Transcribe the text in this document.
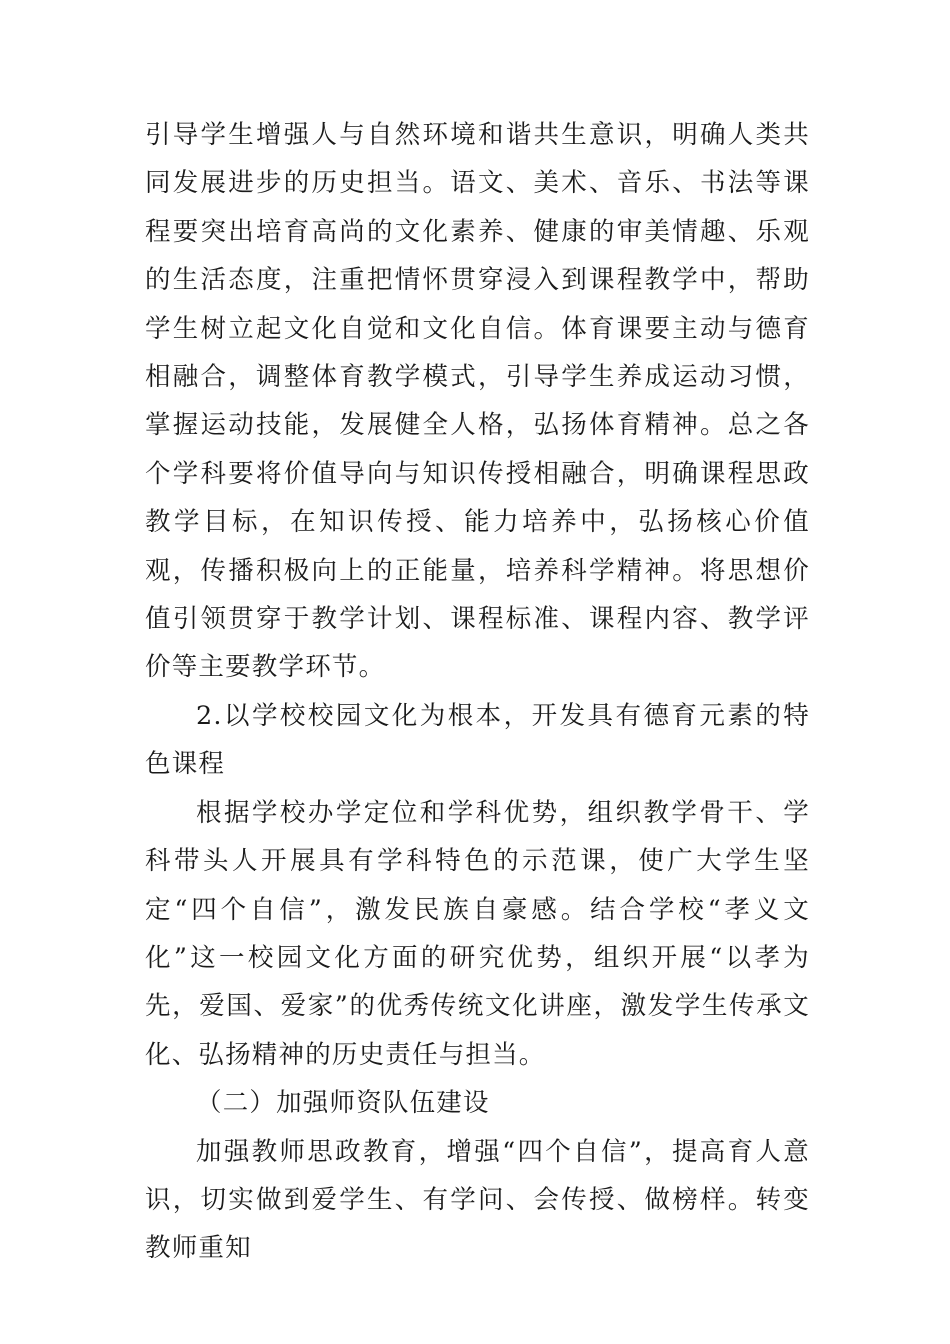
引导学生增强人与自然环境和谐共生意识，明确人类共同发展进步的历史担当。语文、美术、音乐、书法等课程要突出培育高尚的文化素养、健康的审美情趣、乐观的生活态度，注重把情怀贯穿浸入到课程教学中，帮助学生树立起文化自觉和文化自信。体育课要主动与德育相融合，调整体育教学模式，引导学生养成运动习惯，掌握运动技能，发展健全人格，弘扬体育精神。总之各个学科要将价值导向与知识传授相融合，明确课程思政教学目标，在知识传授、能力培养中，弘扬核心价值观，传播积极向上的正能量，培养科学精神。将思想价值引领贯穿于教学计划、课程标准、课程内容、教学评价等主要教学环节。

2.以学校校园文化为根本，开发具有德育元素的特色课程

根据学校办学定位和学科优势，组织教学骨干、学科带头人开展具有学科特色的示范课，使广大学生坚定“四个自信”，激发民族自豪感。结合学校“孝义文化”这一校园文化方面的研究优势，组织开展“以孝为先，爱国、爱家”的优秀传统文化讲座，激发学生传承文化、弘扬精神的历史责任与担当。

（二）加强师资队伍建设

加强教师思政教育，增强“四个自信”，提高育人意识，切实做到爱学生、有学问、会传授、做榜样。转变教师重知
